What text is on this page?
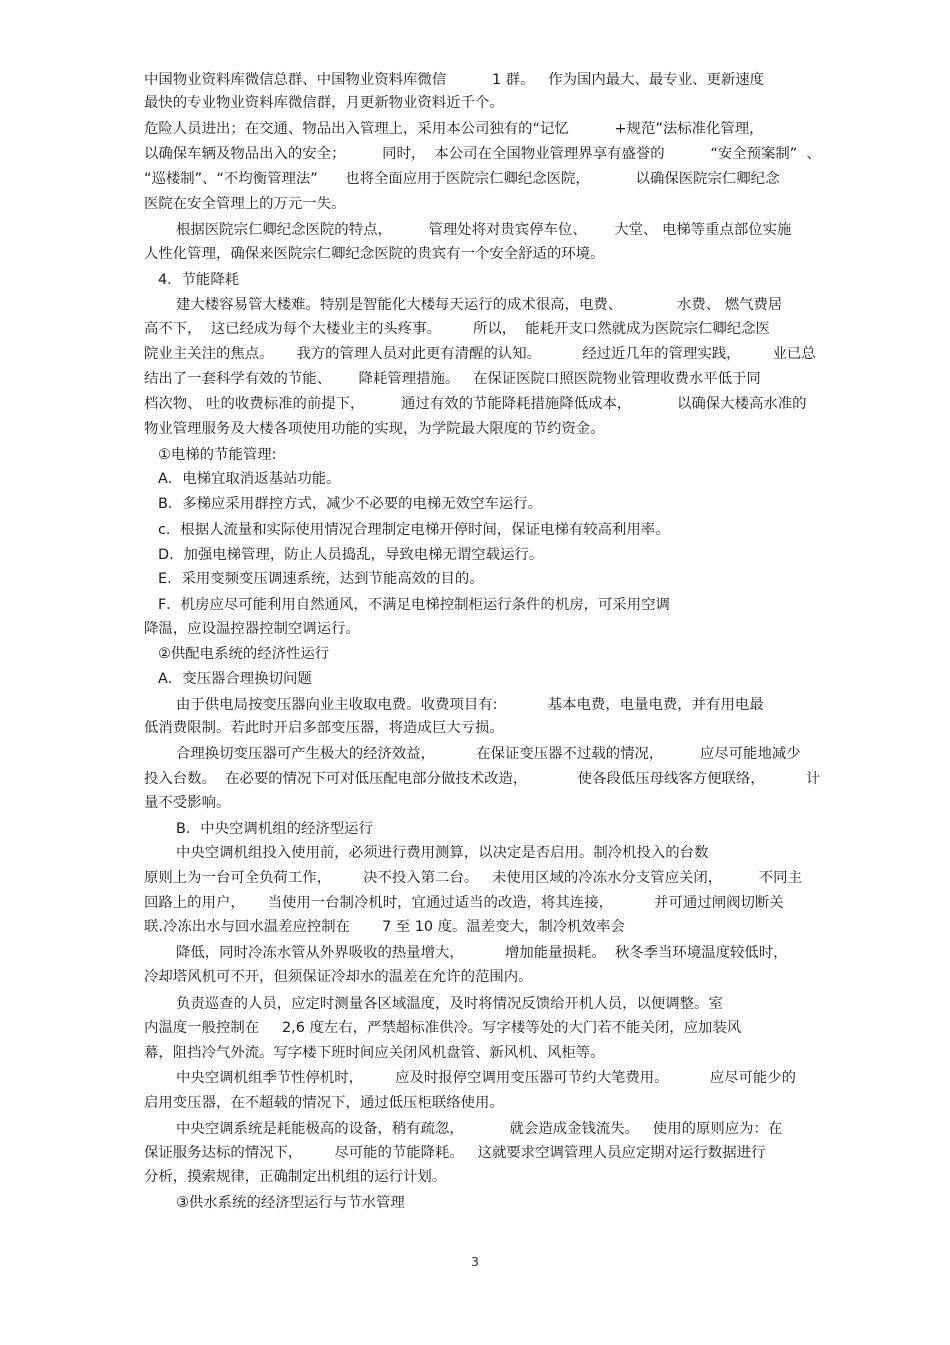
中国物业资料库微信总群、中国物业资料库微信          1 群。   作为国内最大、最专业、更新速度
最快的专业物业资料库微信群，月更新物业资料近千个。
危险人员进出；在交通、物品出入管理上，采用本公司独有的“记忆          +规范”法标准化管理，
以确保车辆及物品出入的安全；        同时，  本公司在全国物业管理界享有盛誉的          “安全预案制”  、
“巡楼制”、“不均衡管理法”      也将全面应用于医院宗仁卿纪念医院，          以确保医院宗仁卿纪念
医院在安全管理上的万元一失。
根据医院宗仁卿纪念医院的特点，        管理处将对贵宾停车位、      大堂、 电梯等重点部位实施
人性化管理，确保来医院宗仁卿纪念医院的贵宾有一个安全舒适的环境。
4．节能降耗
建大楼容易管大楼难。特别是智能化大楼每天运行的成术很高，电费、            水费、 燃气费居
高不下，  这已经成为每个大楼业主的头疼事。       所以，  能耗开支口然就成为医院宗仁卿纪念医
院业主关注的焦点。     我方的管理人员对此更有清醒的认知。         经过近几年的管理实践，       业已总
结出了一套科学有效的节能、      降耗管理措施。   在保证医院口照医院物业管理收费水平低于同
档次物、 吐的收费标准的前提下，        通过有效的节能降耗措施降低成本，          以确保大楼高水准的
物业管理服务及大楼各项使用功能的实现，为学院最大限度的节约资金。
①电梯的节能管理:
A．电梯宜取消返基站功能。
B．多梯应采用群控方式，减少不必要的电梯无效空车运行。
c．根据人流量和实际使用情况合理制定电梯开停时间，保证电梯有较高利用率。
D．加强电梯管理，防止人员捣乱，导致电梯无谓空载运行。
E．采用变频变压调速系统，达到节能高效的目的。
F．机房应尽可能利用自然通风，不满足电梯控制柜运行条件的机房，可采用空调
降温，应设温控器控制空调运行。
②供配电系统的经济性运行
A．变压器合理换切问题
由于供电局按变压器向业主收取电费。收费项目有:           基本电费，电量电费，并有用电最
低消费限制。若此时开启多部变压器，将造成巨大亏损。
合理换切变压器可产生极大的经济效益，         在保证变压器不过载的情况，        应尽可能地减少
投入台数。  在必要的情况下可对低压配电部分做技术改造，           使各段低压母线客方便联络，         计
量不受影响。
B．中央空调机组的经济型运行
中央空调机组投入使用前，必须进行费用测算，以决定是否启用。制冷机投入的台数
原则上为一台可全负荷工作，       决不投入第二台。   未使用区域的冷冻水分支管应关闭，        不同主
回路上的用户，     当使用一台制冷机时，宜通过适当的改造，将其连接，         并可通过闸阀切断关
联.冷冻出水与回水温差应控制在       7 至 10 度。温差变大，制冷机效率会
降低，同时冷冻水管从外界吸收的热量增大，         增加能量损耗。  秋冬季当环境温度较低时，
冷却塔风机可不开，但须保证冷却水的温差在允许的范围内。
负责巡查的人员，应定时测量各区域温度，及时将情况反馈给开机人员，以便调整。室
内温度一般控制在     2,6 度左右，严禁超标准供冷。写字楼等处的大门若不能关闭，应加装风
幕，阻挡冷气外流。写字楼下班时间应关闭风机盘管、新风机、风柜等。
中央空调机组季节性停机时，       应及时报停空调用变压器可节约大笔费用。         应尽可能少的
启用变压器，在不超载的情况下，通过低压柜联络使用。
中央空调系统是耗能极高的设备，稍有疏忽，          就会造成金钱流失。   使用的原则应为：在
保证服务达标的情况下，       尽可能的节能降耗。   这就要求空调管理人员应定期对运行数据进行
分析，摸索规律，正确制定出机组的运行计划。
③供水系统的经济型运行与节水管理
3
